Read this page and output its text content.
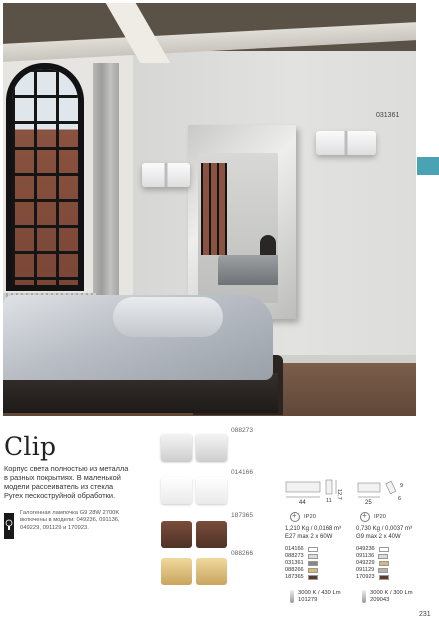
031361
Clip
Корпус света полностью из металла в разных покрытиях. В маленькой модели рассеиватель из стекла Pyrex пескоструйной обработки.
Галогенная лампочка G9 28W 2700K включены в модели: 049236, 091136, 049229, 091129 и 170923.
088273
014166
187365
088266
44
12,7
11
+
IP20
1,210 Kg / 0,0168 m³
E27 max 2 x 60W
014166
088273
031361
088266
187365
3000 K / 430 Lm
101279
25
9
6
+
IP20
0,730 Kg / 0,0037 m³
G9 max 2 x 40W
049236
091136
049229
091129
170923
3000 K / 300 Lm
209043
231
